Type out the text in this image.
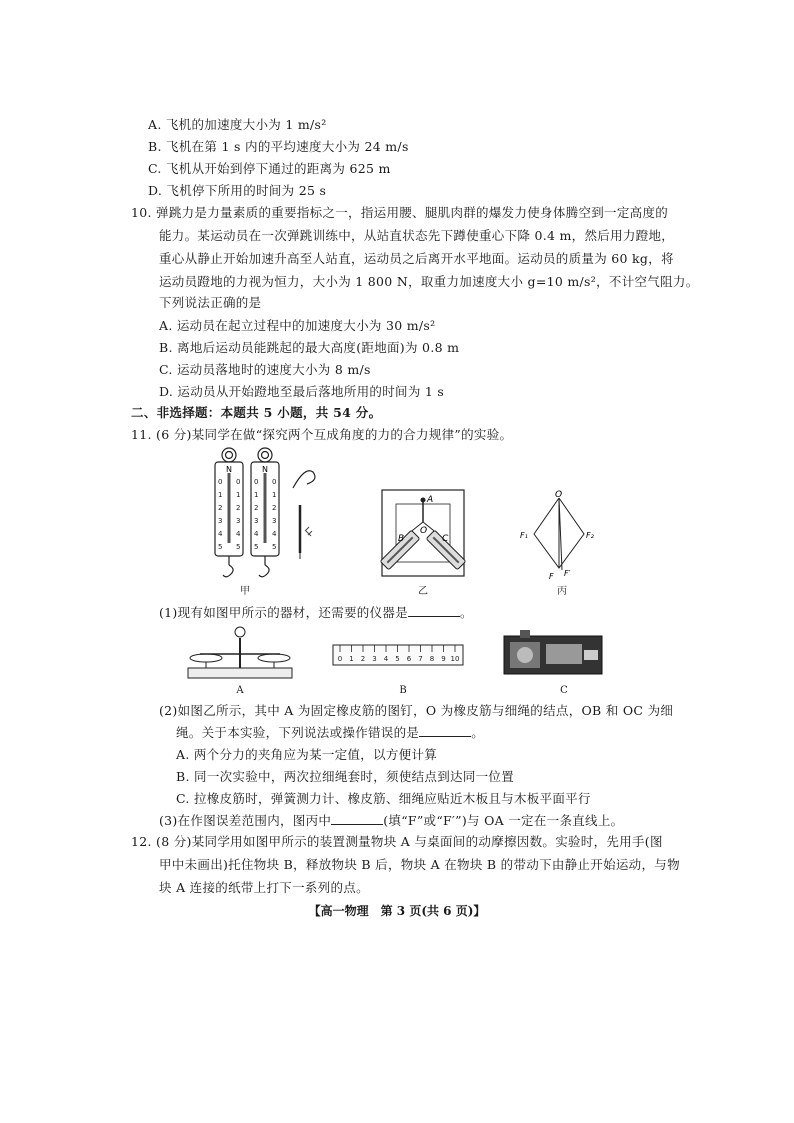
A. 飞机的加速度大小为 1 m/s²
B. 飞机在第 1 s 内的平均速度大小为 24 m/s
C. 飞机从开始到停下通过的距离为 625 m
D. 飞机停下所用的时间为 25 s
10. 弹跳力是力量素质的重要指标之一，指运用腰、腿肌肉群的爆发力使身体腾空到一定高度的
能力。某运动员在一次弹跳训练中，从站直状态先下蹲使重心下降 0.4 m，然后用力蹬地，
重心从静止开始加速升高至人站直，运动员之后离开水平地面。运动员的质量为 60 kg，将
运动员蹬地的力视为恒力，大小为 1 800 N，取重力加速度大小 g=10 m/s²，不计空气阻力。
下列说法正确的是
A. 运动员在起立过程中的加速度大小为 30 m/s²
B. 离地后运动员能跳起的最大高度(距地面)为 0.8 m
C. 运动员落地时的速度大小为 8 m/s
D. 运动员从开始蹬地至最后落地所用的时间为 1 s
二、非选择题：本题共 5 小题，共 54 分。
11. (6 分)某同学在做“探究两个互成角度的力的合力规律”的实验。
N	N
0
1
2
3
4
5
0
1
2
3
4
5
0
1
2
3
4
5
0
1
2
3
4
5
甲
A
O
B	C
乙
O
F₁	F₂
F F′
丙
(1)现有如图甲所示的器材，还需要的仪器是	。
A
0 1 2 3 4 5 6 7 8 9 10
B	C
(2)如图乙所示，其中 A 为固定橡皮筋的图钉，O 为橡皮筋与细绳的结点，OB 和 OC 为细
绳。关于本实验，下列说法或操作错误的是	。
A. 两个分力的夹角应为某一定值，以方便计算
B. 同一次实验中，两次拉细绳套时，须使结点到达同一位置
C. 拉橡皮筋时，弹簧测力计、橡皮筋、细绳应贴近木板且与木板平面平行
(3)在作图误差范围内，图丙中	(填“F”或“F′”)与 OA 一定在一条直线上。
12. (8 分)某同学用如图甲所示的装置测量物块 A 与桌面间的动摩擦因数。实验时，先用手(图
甲中未画出)托住物块 B，释放物块 B 后，物块 A 在物块 B 的带动下由静止开始运动，与物
块 A 连接的纸带上打下一系列的点。
【高一物理　第 3 页(共 6 页)】
